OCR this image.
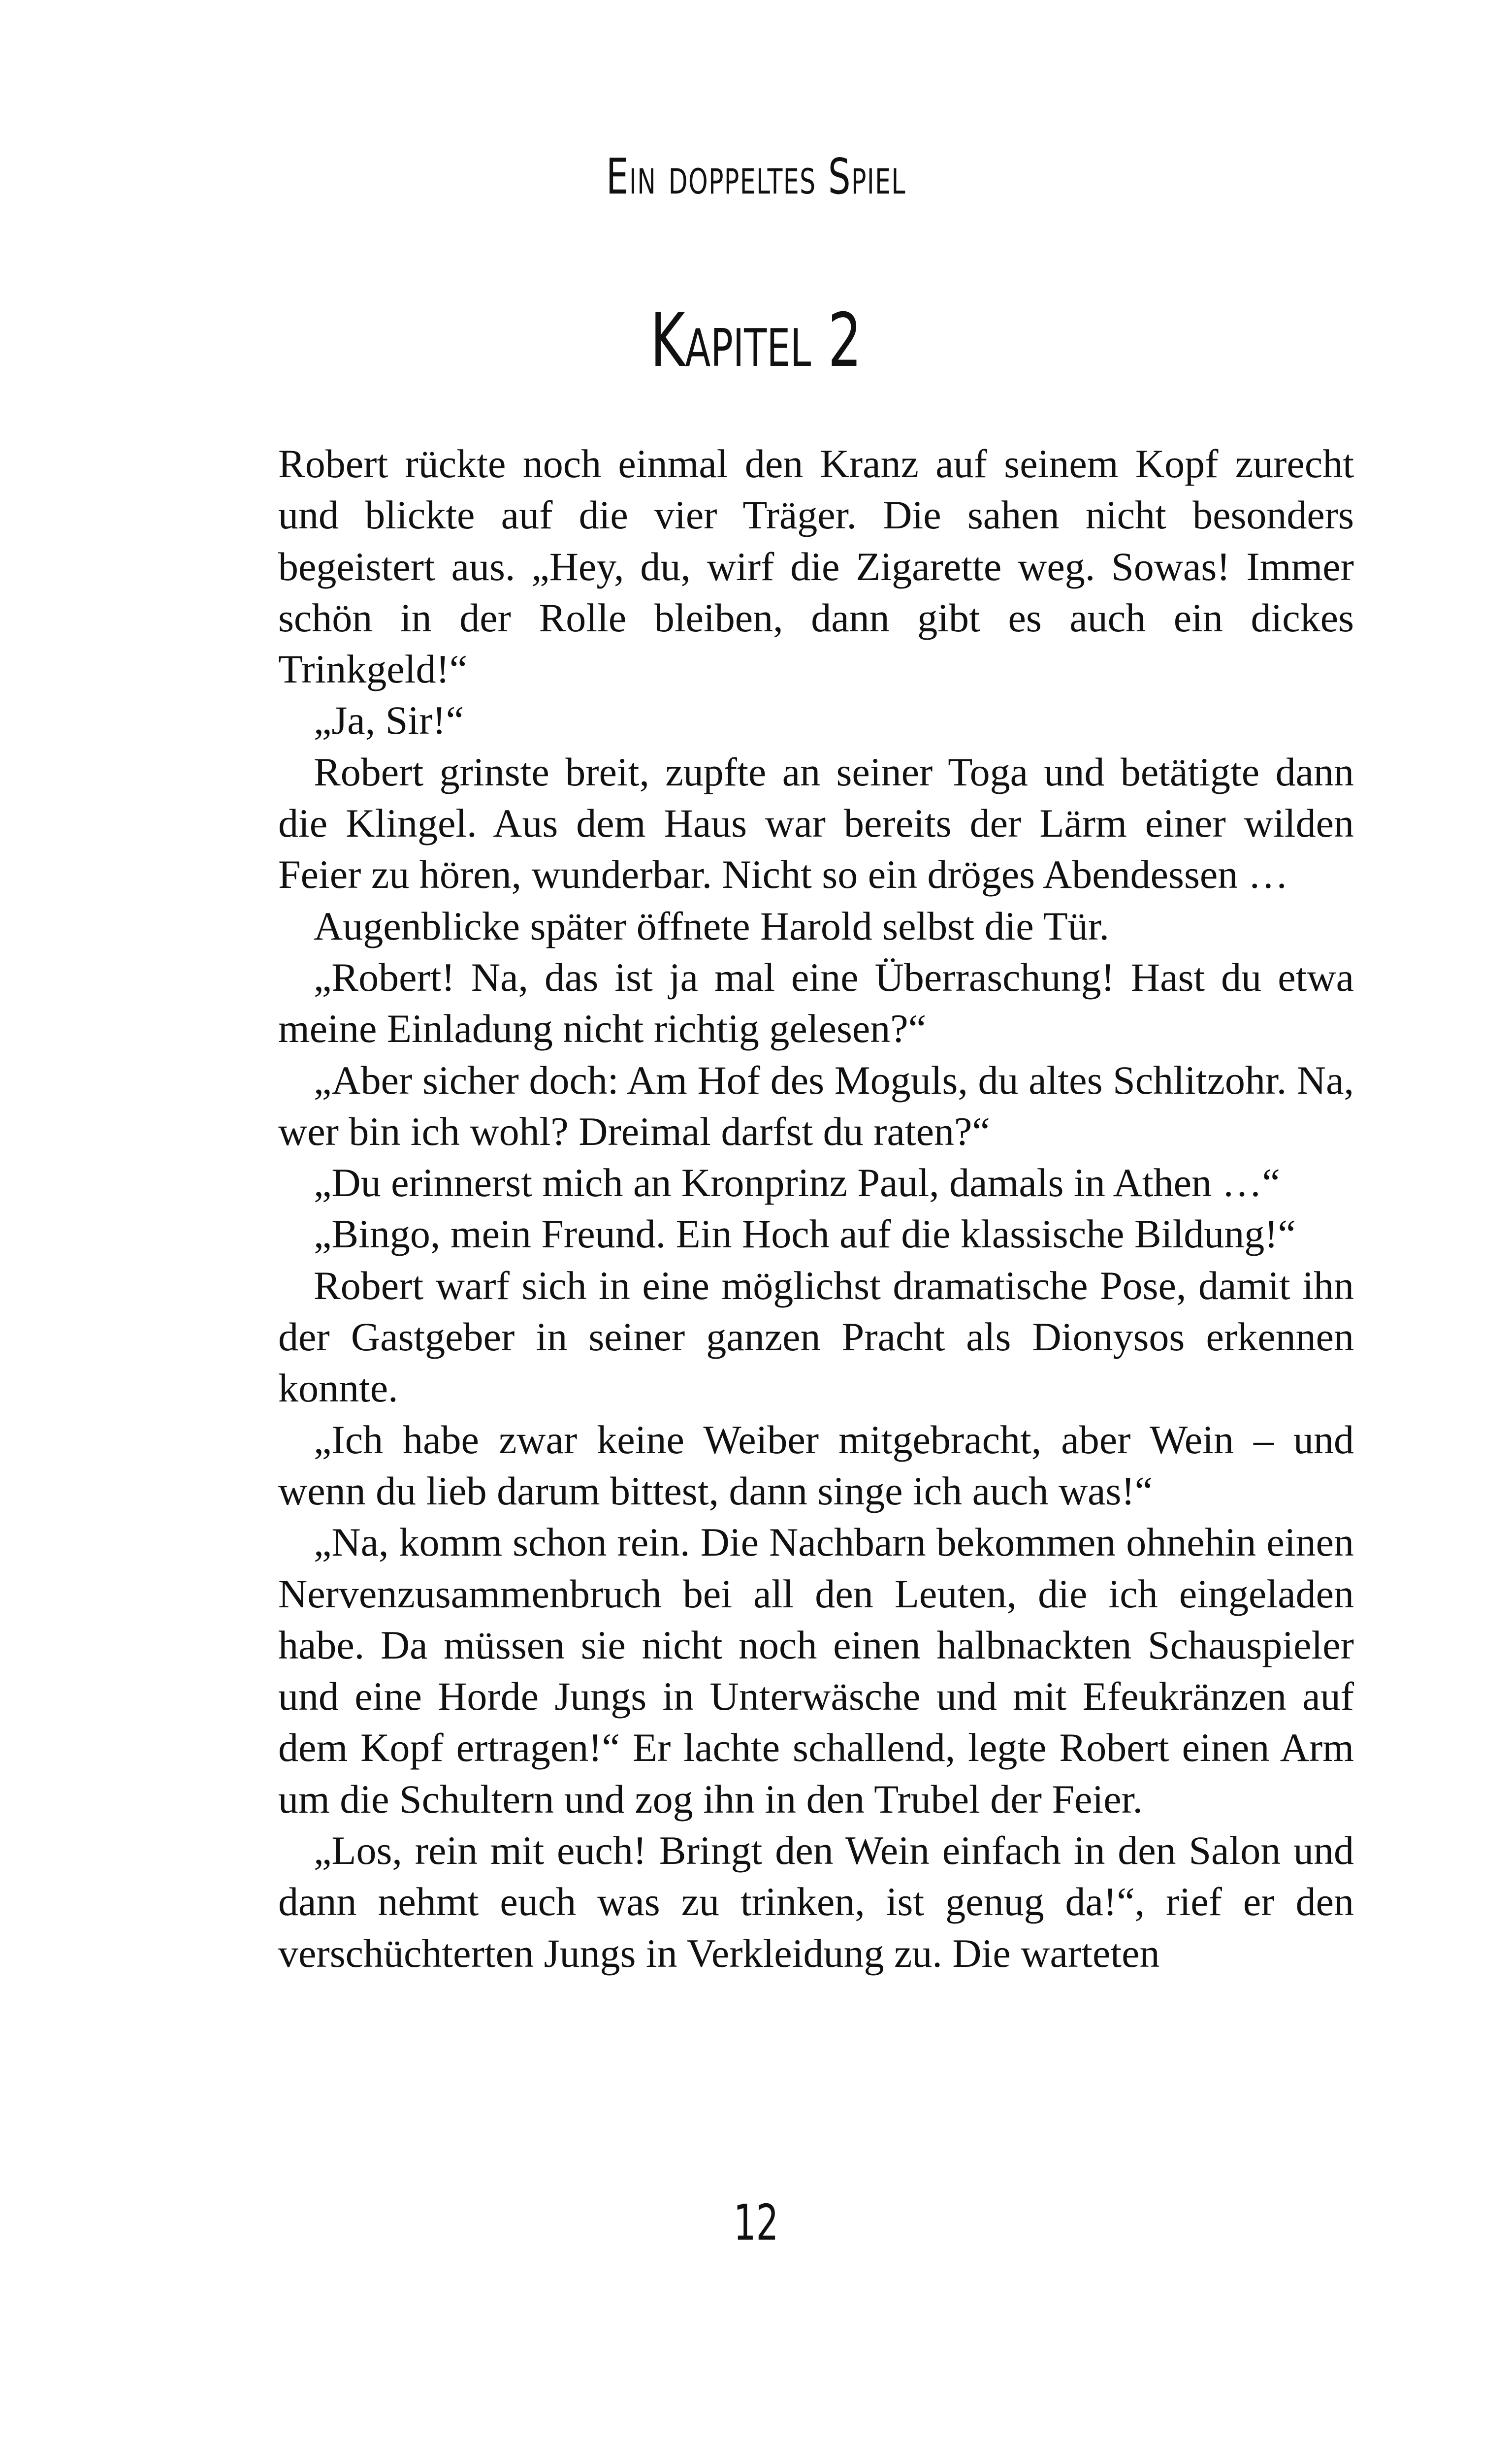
Ein doppeltes Spiel
Kapitel 2

Robert rückte noch einmal den Kranz auf seinem Kopf zurecht und blickte auf die vier Träger. Die sahen nicht besonders begeistert aus. „Hey, du, wirf die Zigarette weg. Sowas! Immer schön in der Rolle bleiben, dann gibt es auch ein dickes Trinkgeld!“

„Ja, Sir!“

Robert grinste breit, zupfte an seiner Toga und betätigte dann die Klingel. Aus dem Haus war bereits der Lärm einer wilden Feier zu hören, wunderbar. Nicht so ein dröges Abendessen …

Augenblicke später öffnete Harold selbst die Tür.

„Robert! Na, das ist ja mal eine Überraschung! Hast du etwa meine Einladung nicht richtig gelesen?“

„Aber sicher doch: Am Hof des Moguls, du altes Schlitzohr. Na, wer bin ich wohl? Dreimal darfst du raten?“

„Du erinnerst mich an Kronprinz Paul, damals in Athen …“

„Bingo, mein Freund. Ein Hoch auf die klassische Bildung!“

Robert warf sich in eine möglichst dramatische Pose, damit ihn der Gastgeber in seiner ganzen Pracht als Dionysos erkennen konnte.

„Ich habe zwar keine Weiber mitgebracht, aber Wein – und wenn du lieb darum bittest, dann singe ich auch was!“

„Na, komm schon rein. Die Nachbarn bekommen ohnehin einen Nervenzusammenbruch bei all den Leuten, die ich eingeladen habe. Da müssen sie nicht noch einen halbnackten Schauspieler und eine Horde Jungs in Unterwäsche und mit Efeukränzen auf dem Kopf ertragen!“ Er lachte schallend, legte Robert einen Arm um die Schultern und zog ihn in den Trubel der Feier.

„Los, rein mit euch! Bringt den Wein einfach in den Salon und dann nehmt euch was zu trinken, ist genug da!“, rief er den verschüchterten Jungs in Verkleidung zu. Die warteten

12
